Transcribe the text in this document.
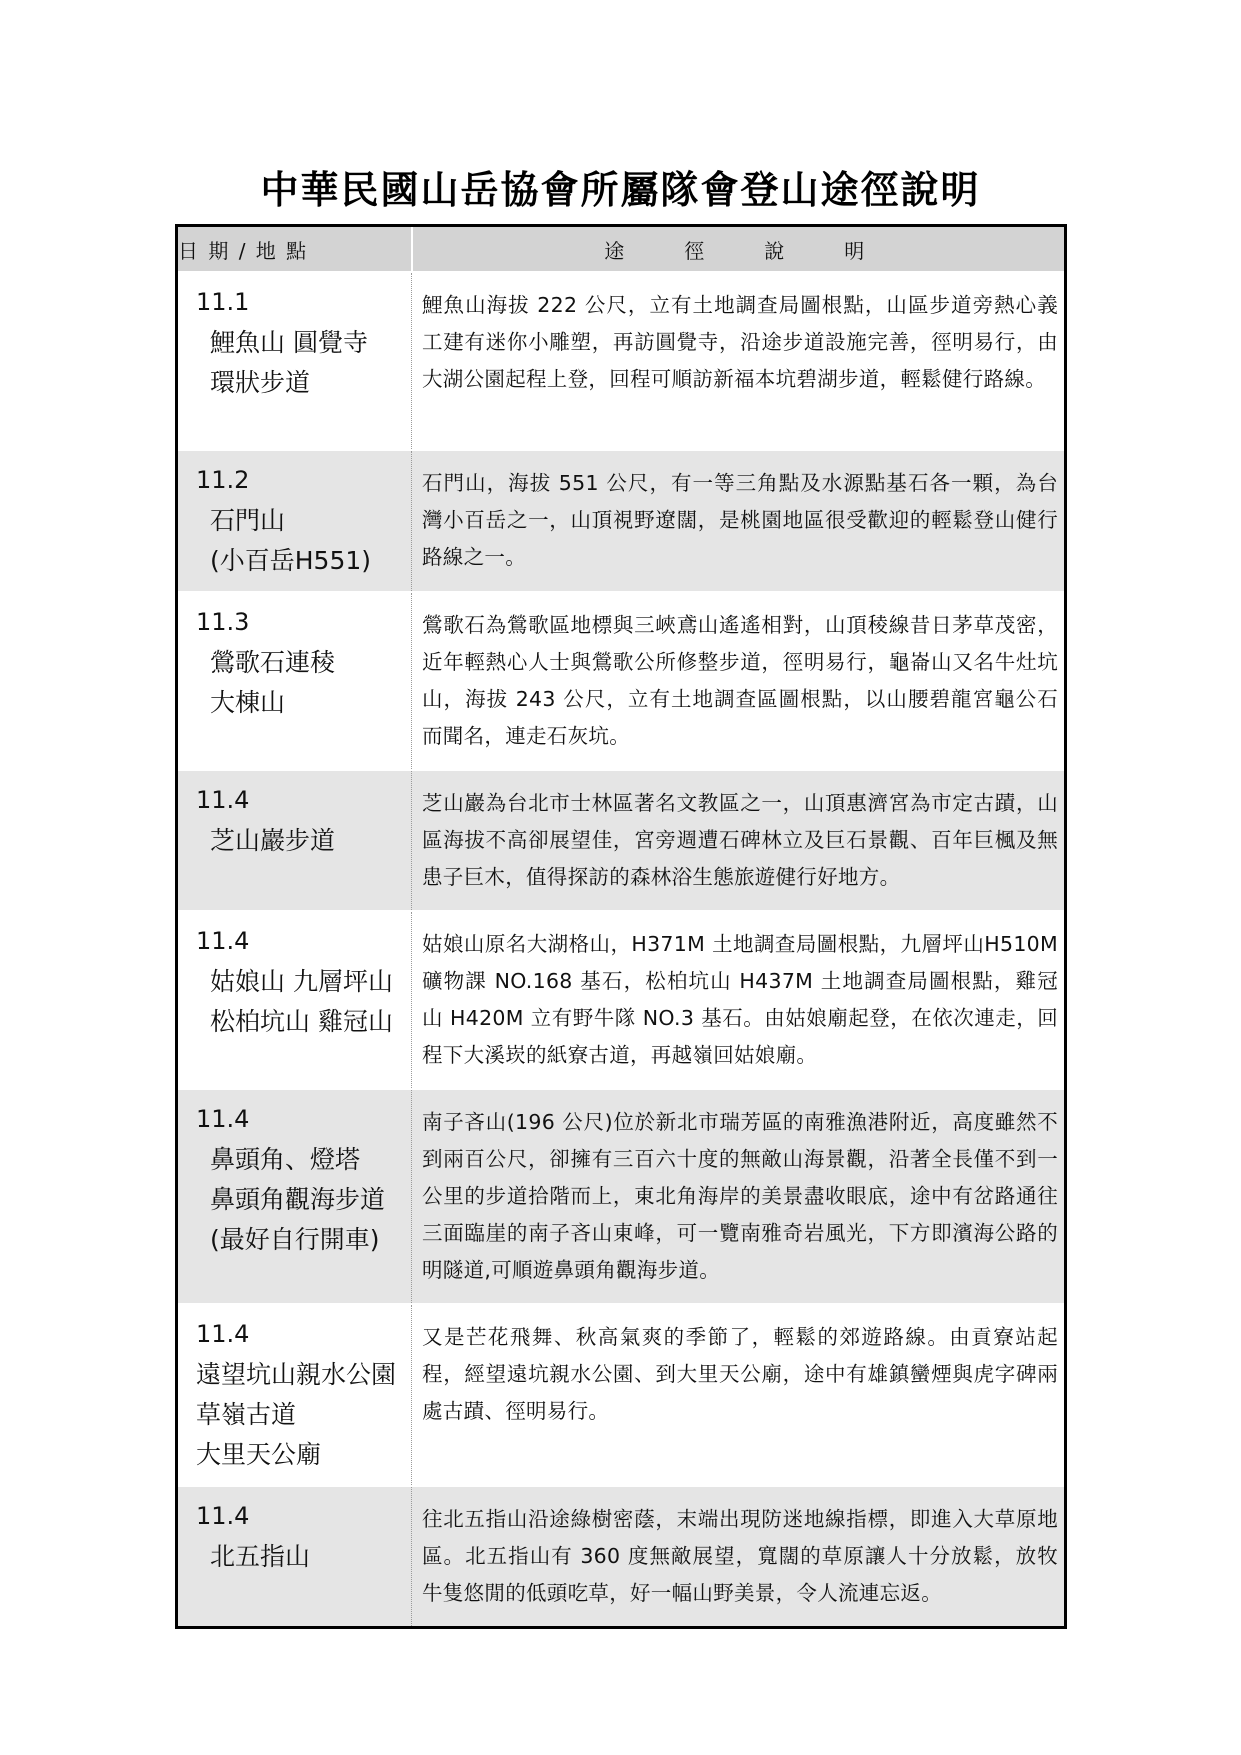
中華民國山岳協會所屬隊會登山途徑說明
日 期 / 地 點	途 徑 說 明

11.1
鯉魚山 圓覺寺
環狀步道	鯉魚山海拔 222 公尺，立有土地調查局圖根點，山區步道旁熱心義工建有迷你小雕塑，再訪圓覺寺，沿途步道設施完善，徑明易行，由大湖公園起程上登，回程可順訪新福本坑碧湖步道，輕鬆健行路線。

11.2
石門山
(小百岳H551)	石門山，海拔 551 公尺，有一等三角點及水源點基石各一顆，為台灣小百岳之一，山頂視野遼闊，是桃園地區很受歡迎的輕鬆登山健行路線之一。

11.3
鶯歌石連稜
大棟山	鶯歌石為鶯歌區地標與三峽鳶山遙遙相對，山頂稜線昔日茅草茂密，近年輕熱心人士與鶯歌公所修整步道，徑明易行，龜崙山又名牛灶坑山，海拔 243 公尺，立有土地調查區圖根點，以山腰碧龍宮龜公石而聞名，連走石灰坑。

11.4
芝山巖步道	芝山巖為台北市士林區著名文教區之一，山頂惠濟宮為市定古蹟，山區海拔不高卻展望佳，宮旁週遭石碑林立及巨石景觀、百年巨楓及無患子巨木，值得探訪的森林浴生態旅遊健行好地方。

11.4
姑娘山 九層坪山
松柏坑山 雞冠山	姑娘山原名大湖格山，H371M 土地調查局圖根點，九層坪山H510M 礦物課 NO.168 基石，松柏坑山 H437M 土地調查局圖根點，雞冠山 H420M 立有野牛隊 NO.3 基石。由姑娘廟起登，在依次連走，回程下大溪崁的紙寮古道，再越嶺回姑娘廟。

11.4
鼻頭角、燈塔
鼻頭角觀海步道
(最好自行開車)	南子吝山(196 公尺)位於新北市瑞芳區的南雅漁港附近，高度雖然不到兩百公尺，卻擁有三百六十度的無敵山海景觀，沿著全長僅不到一公里的步道拾階而上，東北角海岸的美景盡收眼底，途中有岔路通往三面臨崖的南子吝山東峰，可一覽南雅奇岩風光，下方即濱海公路的明隧道,可順遊鼻頭角觀海步道。

11.4
遠望坑山親水公園
草嶺古道
大里天公廟	又是芒花飛舞、秋高氣爽的季節了，輕鬆的郊遊路線。由貢寮站起程，經望遠坑親水公園、到大里天公廟，途中有雄鎮蠻煙與虎字碑兩處古蹟、徑明易行。

11.4
北五指山	往北五指山沿途綠樹密蔭，末端出現防迷地線指標，即進入大草原地區。北五指山有 360 度無敵展望，寬闊的草原讓人十分放鬆，放牧牛隻悠閒的低頭吃草，好一幅山野美景，令人流連忘返。
